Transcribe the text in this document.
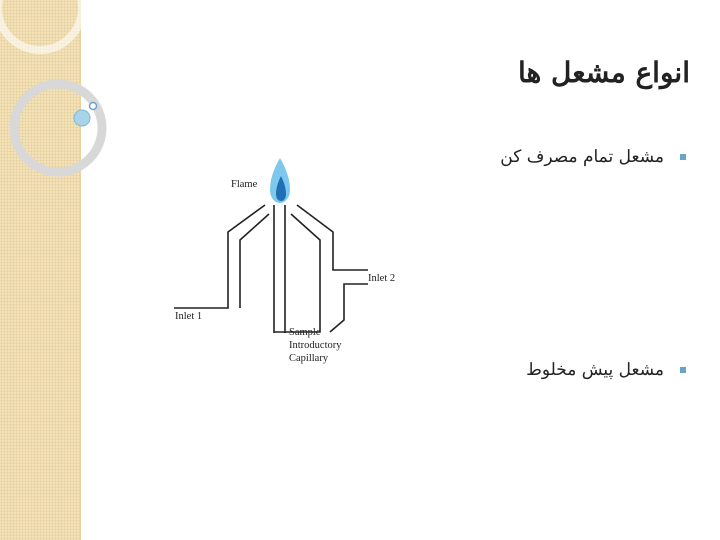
انواع مشعل ها
مشعل تمام مصرف کن
مشعل پیش مخلوط
Flame
Inlet 1
Inlet 2
Sample
Introductory
Capillary
